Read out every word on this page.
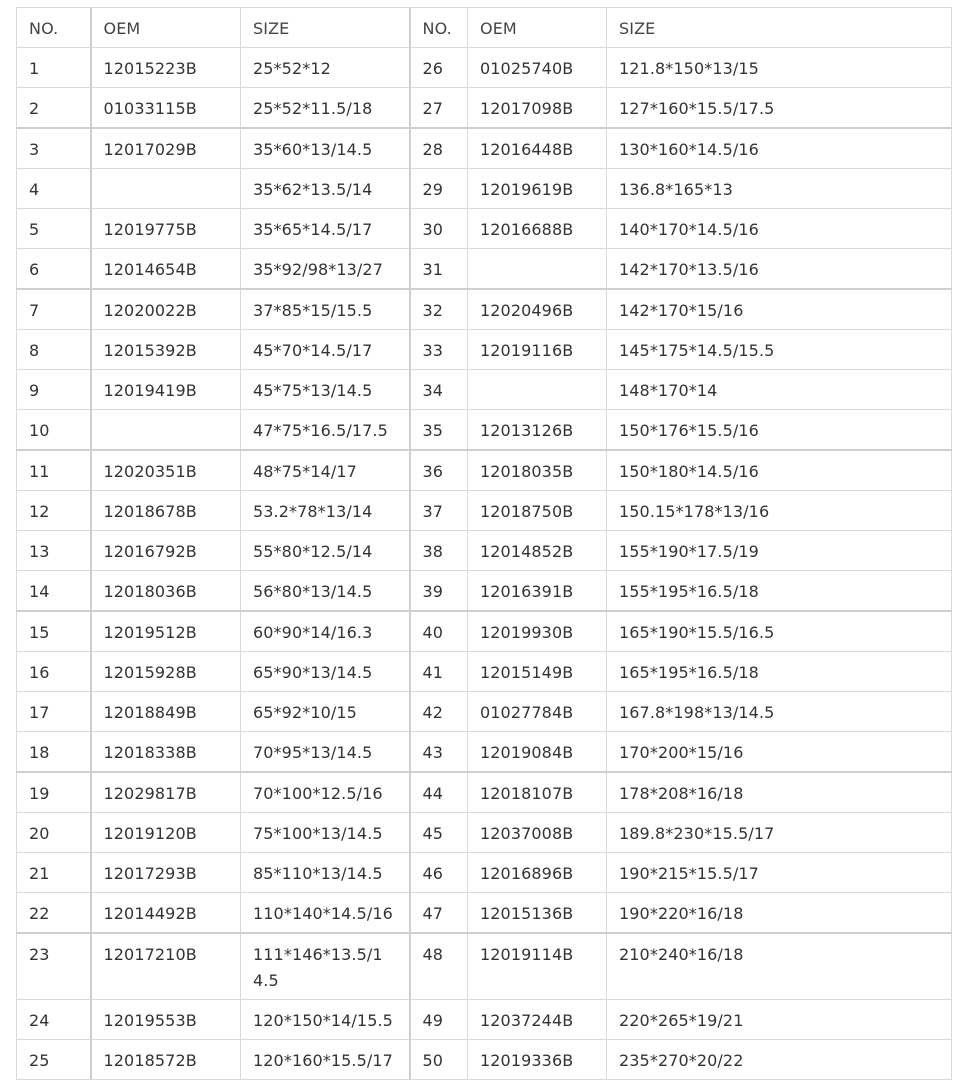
NO.	OEM	SIZE	NO.	OEM	SIZE
1	12015223B	25*52*12	26	01025740B	121.8*150*13/15
2	01033115B	25*52*11.5/18	27	12017098B	127*160*15.5/17.5
3	12017029B	35*60*13/14.5	28	12016448B	130*160*14.5/16
4		35*62*13.5/14	29	12019619B	136.8*165*13
5	12019775B	35*65*14.5/17	30	12016688B	140*170*14.5/16
6	12014654B	35*92/98*13/27	31		142*170*13.5/16
7	12020022B	37*85*15/15.5	32	12020496B	142*170*15/16
8	12015392B	45*70*14.5/17	33	12019116B	145*175*14.5/15.5
9	12019419B	45*75*13/14.5	34		148*170*14
10		47*75*16.5/17.5	35	12013126B	150*176*15.5/16
11	12020351B	48*75*14/17	36	12018035B	150*180*14.5/16
12	12018678B	53.2*78*13/14	37	12018750B	150.15*178*13/16
13	12016792B	55*80*12.5/14	38	12014852B	155*190*17.5/19
14	12018036B	56*80*13/14.5	39	12016391B	155*195*16.5/18
15	12019512B	60*90*14/16.3	40	12019930B	165*190*15.5/16.5
16	12015928B	65*90*13/14.5	41	12015149B	165*195*16.5/18
17	12018849B	65*92*10/15	42	01027784B	167.8*198*13/14.5
18	12018338B	70*95*13/14.5	43	12019084B	170*200*15/16
19	12029817B	70*100*12.5/16	44	12018107B	178*208*16/18
20	12019120B	75*100*13/14.5	45	12037008B	189.8*230*15.5/17
21	12017293B	85*110*13/14.5	46	12016896B	190*215*15.5/17
22	12014492B	110*140*14.5/16	47	12015136B	190*220*16/18
23	12017210B	111*146*13.5/14.5	48	12019114B	210*240*16/18
24	12019553B	120*150*14/15.5	49	12037244B	220*265*19/21
25	12018572B	120*160*15.5/17	50	12019336B	235*270*20/22
